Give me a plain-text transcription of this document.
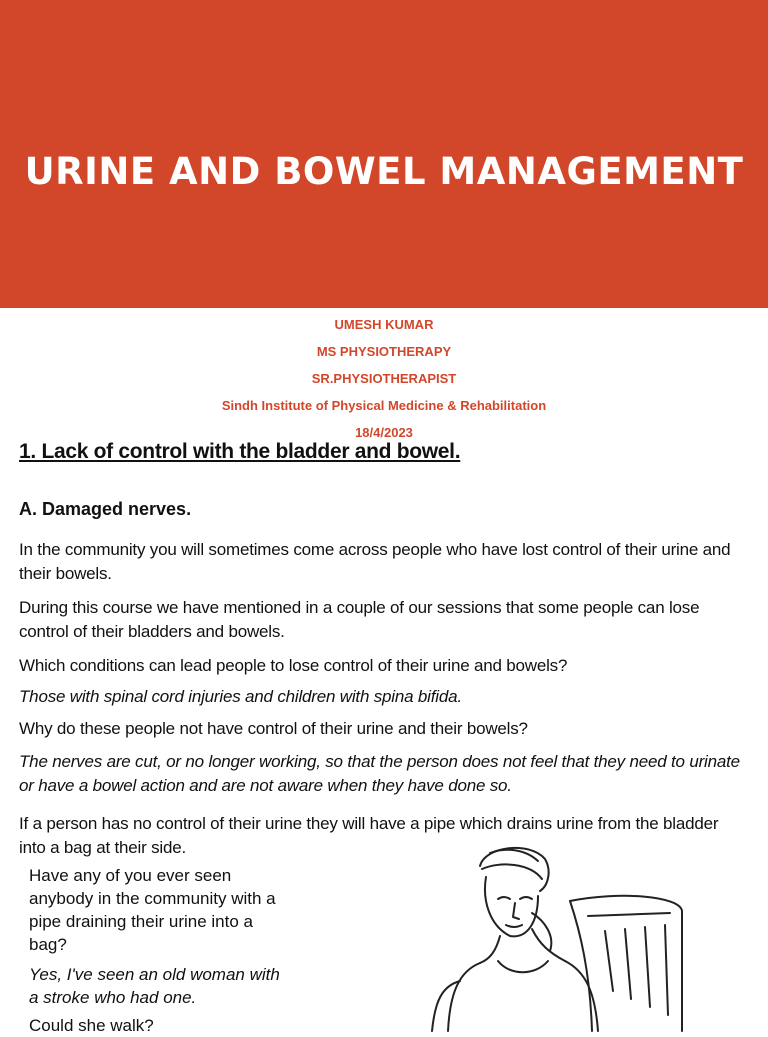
URINE AND BOWEL MANAGEMENT
UMESH KUMAR
MS PHYSIOTHERAPY
SR.PHYSIOTHERAPIST
Sindh Institute of Physical Medicine & Rehabilitation
18/4/2023

1. Lack of control with the bladder and bowel.

A. Damaged nerves.

In the community you will sometimes come across people who have lost control of their urine and their bowels.

During this course we have mentioned in a couple of our sessions that some people can lose control of their bladders and bowels.

Which conditions can lead people to lose control of their urine and bowels?

Those with spinal cord injuries and children with spina bifida.

Why do these people not have control of their urine and their bowels?

The nerves are cut, or no longer working, so that the person does not feel that they need to urinate or have a bowel action and are not aware when they have done so.

If a person has no control of their urine they will have a pipe which drains urine from the bladder into a bag at their side.

Have any of you ever seen anybody in the community with a pipe draining their urine into a bag?

Yes, I've seen an old woman with a stroke who had one.

Could she walk?
